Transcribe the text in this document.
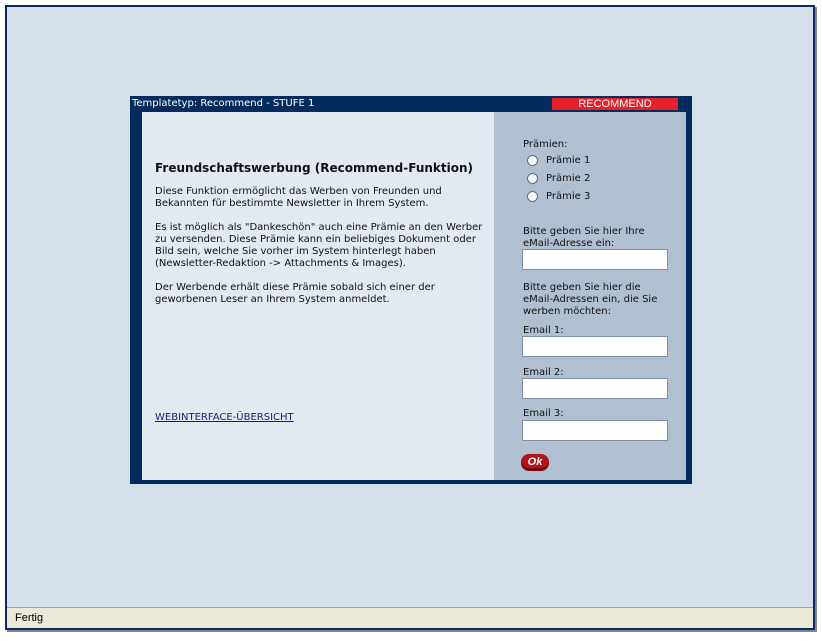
Templatetyp: Recommend - STUFE 1	RECOMMEND
Freundschaftswerbung (Recommend-Funktion)

Diese Funktion ermöglicht das Werben von Freunden und Bekannten für bestimmte Newsletter in Ihrem System.

Es ist möglich als "Dankeschön" auch eine Prämie an den Werber zu versenden. Diese Prämie kann ein beliebiges Dokument oder Bild sein, welche Sie vorher im System hinterlegt haben (Newsletter-Redaktion -> Attachments & Images).

Der Werbende erhält diese Prämie sobald sich einer der geworbenen Leser an Ihrem System anmeldet.

WEBINTERFACE-ÜBERSICHT
Prämien:
Prämie 1
Prämie 2
Prämie 3
Bitte geben Sie hier Ihre eMail-Adresse ein:
Bitte geben Sie hier die eMail-Adressen ein, die Sie werben möchten:
Email 1:
Email 2:
Email 3:
Ok
Fertig
